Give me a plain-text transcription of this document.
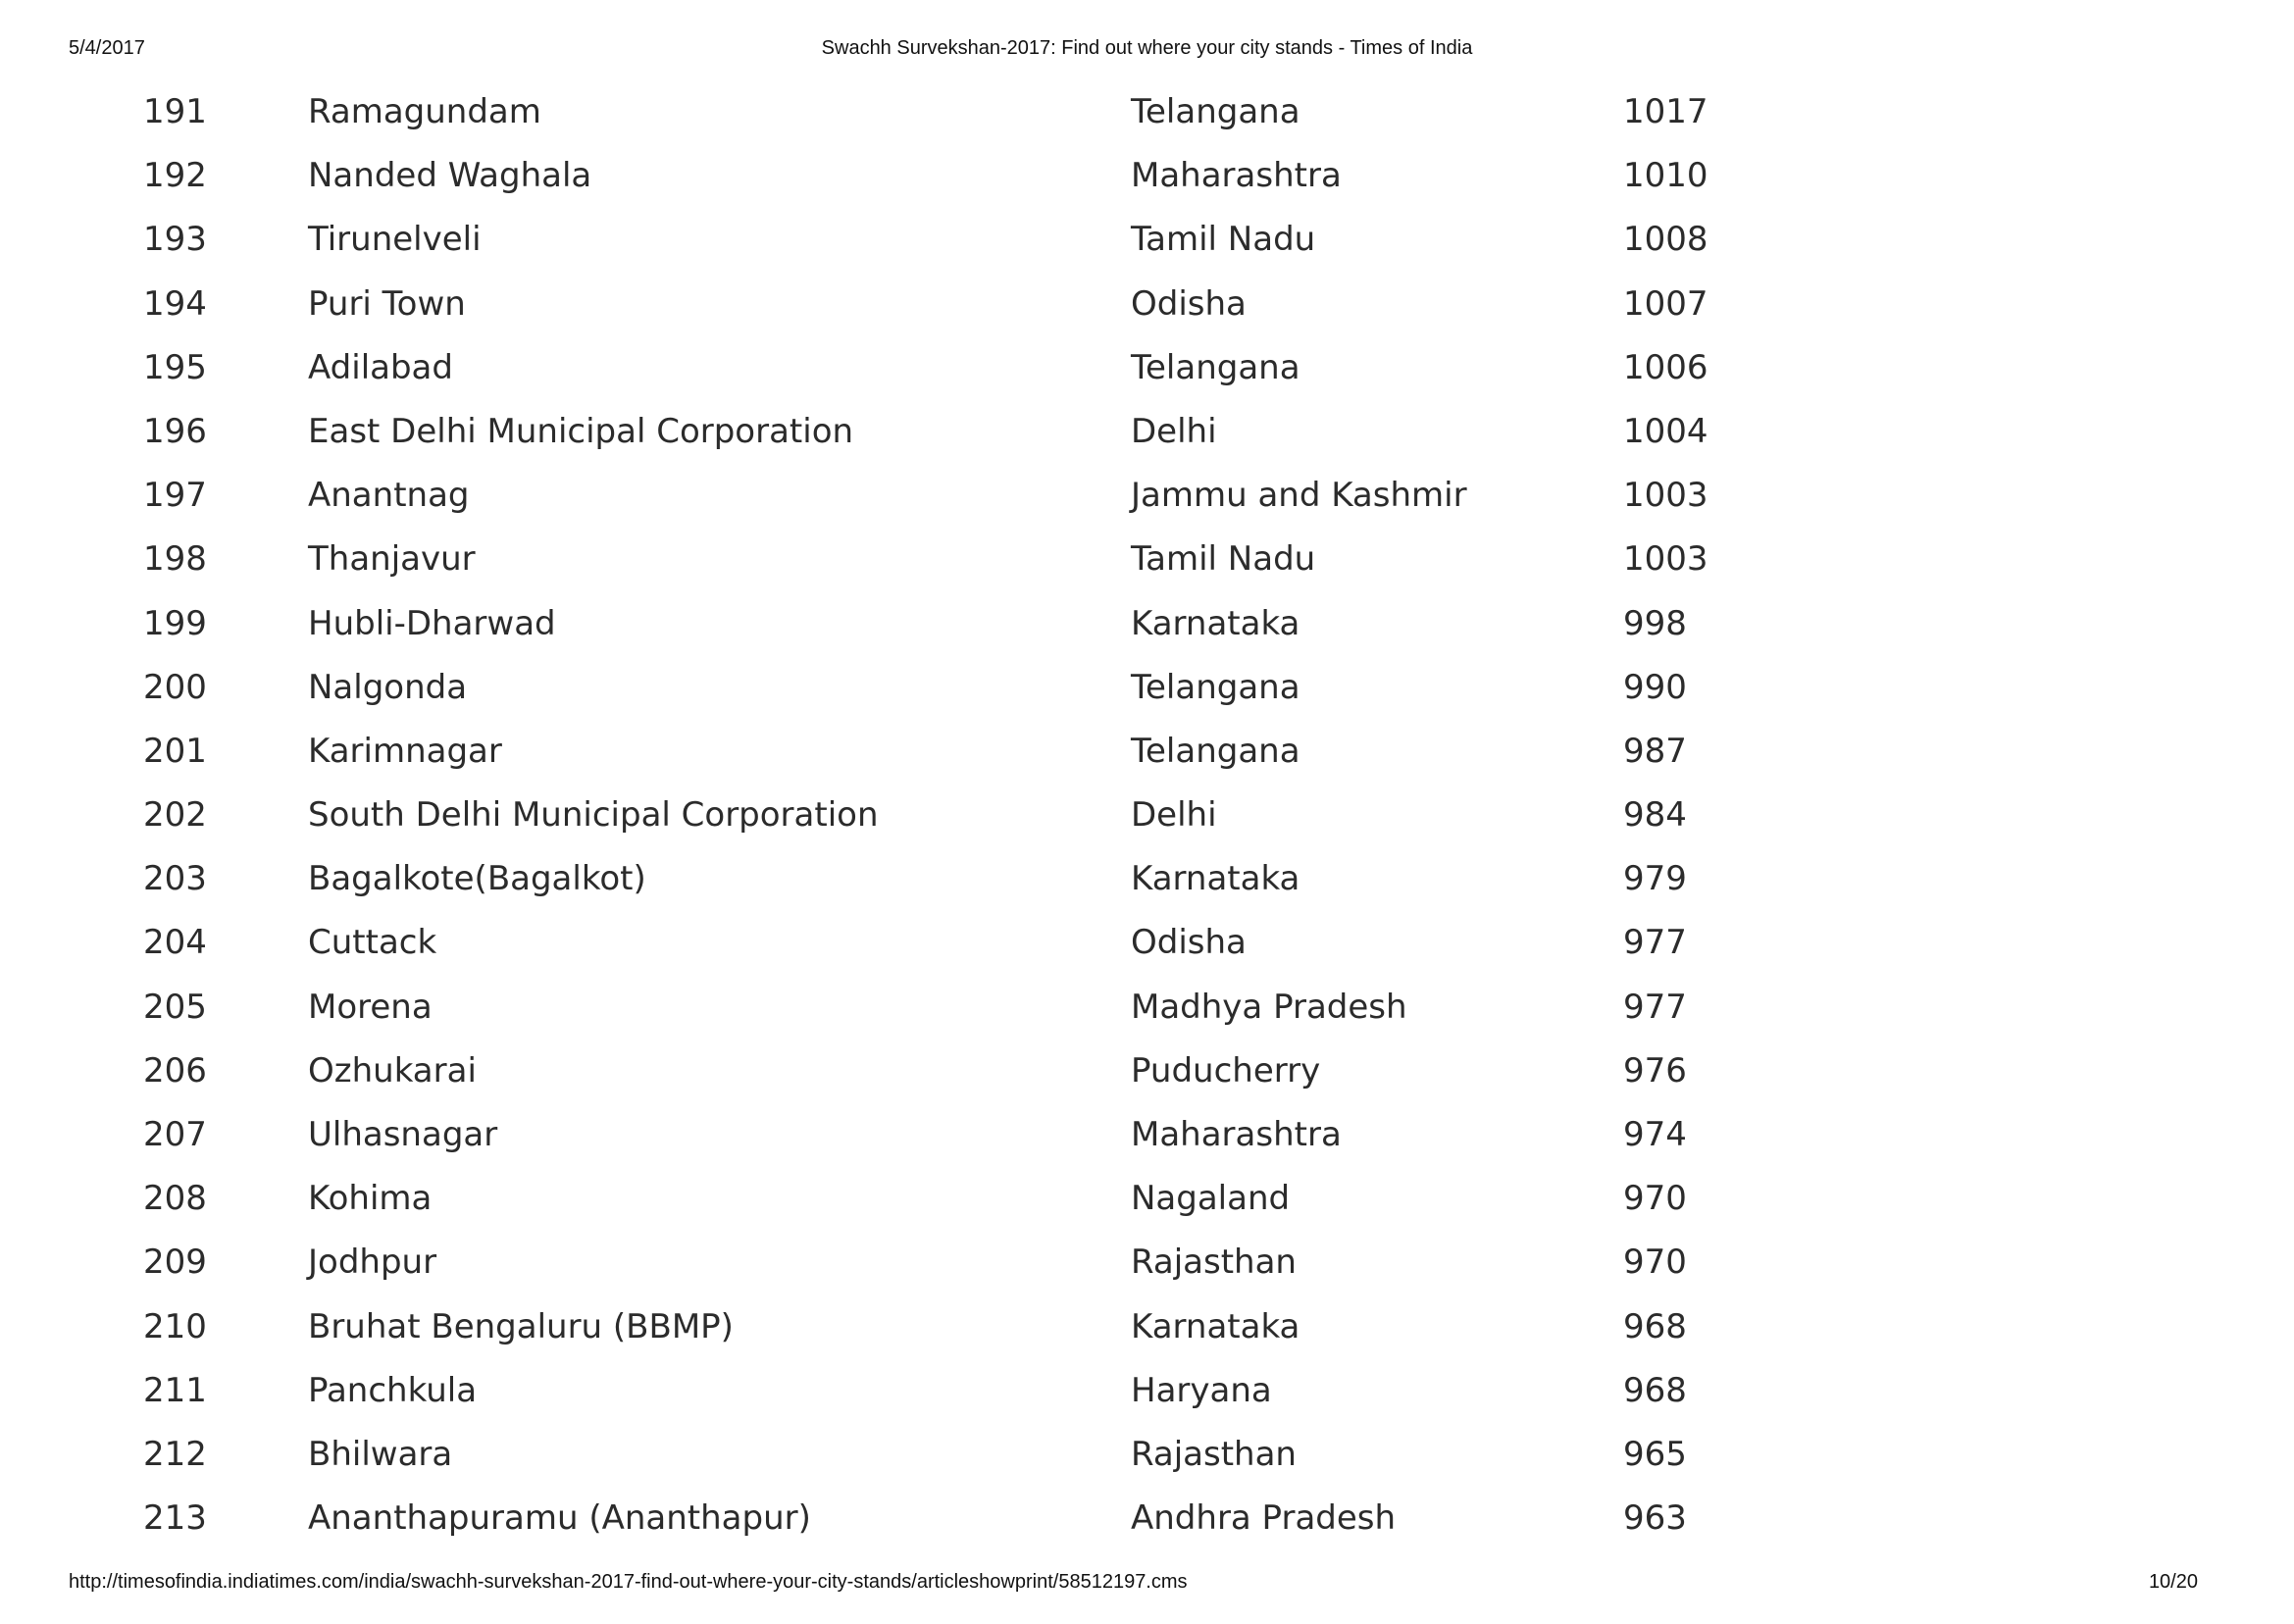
5/4/2017	Swachh Survekshan-2017: Find out where your city stands - Times of India
191	Ramagundam	Telangana	1017
192	Nanded Waghala	Maharashtra	1010
193	Tirunelveli	Tamil Nadu	1008
194	Puri Town	Odisha	1007
195	Adilabad	Telangana	1006
196	East Delhi Municipal Corporation	Delhi	1004
197	Anantnag	Jammu and Kashmir	1003
198	Thanjavur	Tamil Nadu	1003
199	Hubli-Dharwad	Karnataka	998
200	Nalgonda	Telangana	990
201	Karimnagar	Telangana	987
202	South Delhi Municipal Corporation	Delhi	984
203	Bagalkote(Bagalkot)	Karnataka	979
204	Cuttack	Odisha	977
205	Morena	Madhya Pradesh	977
206	Ozhukarai	Puducherry	976
207	Ulhasnagar	Maharashtra	974
208	Kohima	Nagaland	970
209	Jodhpur	Rajasthan	970
210	Bruhat Bengaluru (BBMP)	Karnataka	968
211	Panchkula	Haryana	968
212	Bhilwara	Rajasthan	965
213	Ananthapuramu (Ananthapur)	Andhra Pradesh	963
http://timesofindia.indiatimes.com/india/swachh-survekshan-2017-find-out-where-your-city-stands/articleshowprint/58512197.cms	10/20
